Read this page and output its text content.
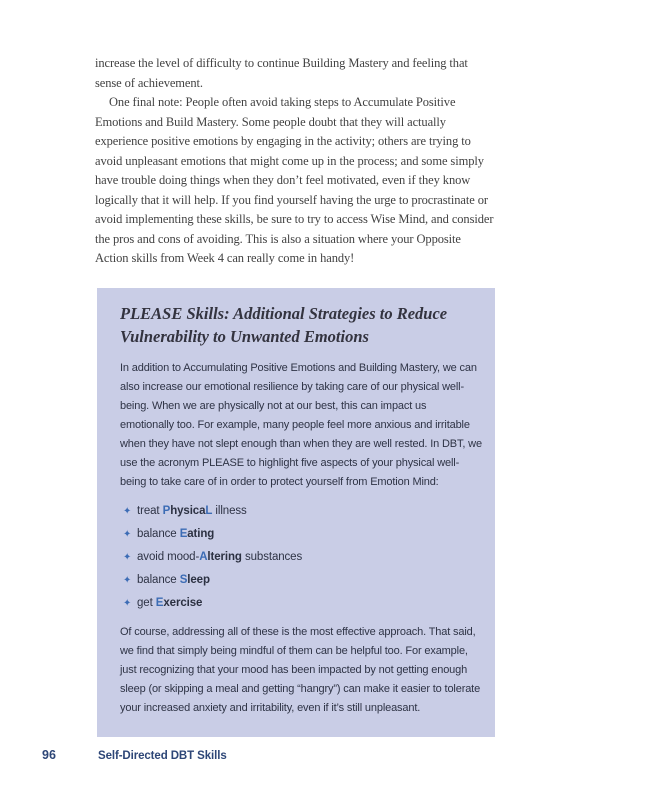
increase the level of difficulty to continue Building Mastery and feeling that sense of achievement.

One final note: People often avoid taking steps to Accumulate Positive Emotions and Build Mastery. Some people doubt that they will actually experience positive emotions by engaging in the activity; others are trying to avoid unpleasant emotions that might come up in the process; and some simply have trouble doing things when they don’t feel motivated, even if they know logically that it will help. If you find yourself having the urge to procrastinate or avoid implementing these skills, be sure to try to access Wise Mind, and consider the pros and cons of avoiding. This is also a situation where your Opposite Action skills from Week 4 can really come in handy!

PLEASE Skills: Additional Strategies to Reduce Vulnerability to Unwanted Emotions

In addition to Accumulating Positive Emotions and Building Mastery, we can also increase our emotional resilience by taking care of our physical well-being. When we are physically not at our best, this can impact us emotionally too. For example, many people feel more anxious and irritable when they have not slept enough than when they are well rested. In DBT, we use the acronym PLEASE to highlight five aspects of your physical well-being to take care of in order to protect yourself from Emotion Mind:

✦ treat PhysicaL illness
✦ balance Eating
✦ avoid mood-Altering substances
✦ balance Sleep
✦ get Exercise

Of course, addressing all of these is the most effective approach. That said, we find that simply being mindful of them can be helpful too. For example, just recognizing that your mood has been impacted by not getting enough sleep (or skipping a meal and getting “hangry”) can make it easier to tolerate your increased anxiety and irritability, even if it’s still unpleasant.

96	Self-Directed DBT Skills
